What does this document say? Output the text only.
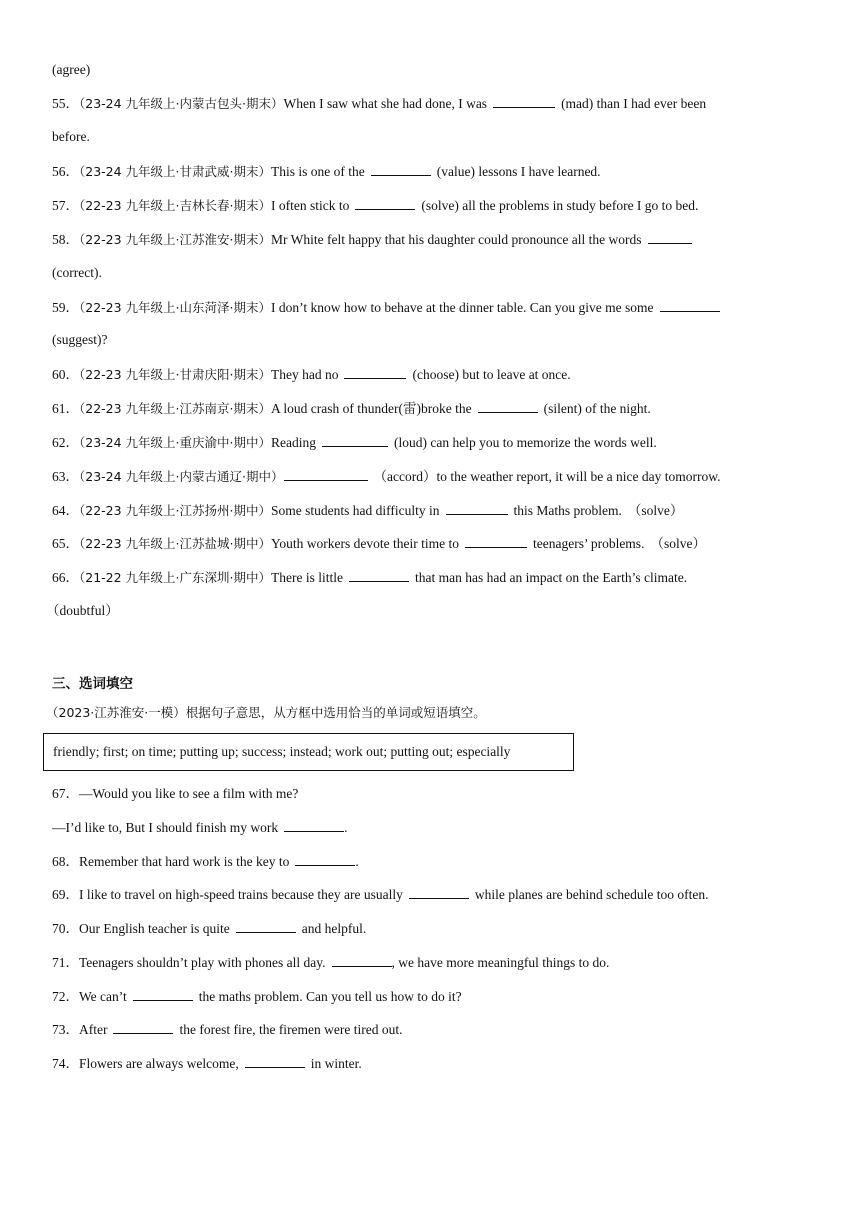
(agree)
55．（23-24 九年级上·内蒙古包头·期末）When I saw what she had done, I was	(mad) than I had ever been
before.
56．（23-24 九年级上·甘肃武威·期末）This is one of the	(value) lessons I have learned.
57．（22-23 九年级上·吉林长春·期末）I often stick to	(solve) all the problems in study before I go to bed.
58．（22-23 九年级上·江苏淮安·期末）Mr White felt happy that his daughter could pronounce all the words
(correct).
59．（22-23 九年级上·山东菏泽·期末）I don’t know how to behave at the dinner table. Can you give me some
(suggest)?
60．（22-23 九年级上·甘肃庆阳·期末）They had no	(choose) but to leave at once.
61．（22-23 九年级上·江苏南京·期末）A loud crash of thunder(雷)broke the	(silent) of the night.
62．（23-24 九年级上·重庆渝中·期中）Reading	(loud) can help you to memorize the words well.
63．（23-24 九年级上·内蒙古通辽·期中）	（accord）to the weather report, it will be a nice day tomorrow.
64．（22-23 九年级上·江苏扬州·期中）Some students had difficulty in	this Maths problem. （solve）
65．（22-23 九年级上·江苏盐城·期中）Youth workers devote their time to	teenagers’ problems. （solve）
66．（21-22 九年级上·广东深圳·期中）There is little	that man has had an impact on the Earth’s climate.
（doubtful）
三、选词填空
（2023·江苏淮安·一模）根据句子意思，从方框中选用恰当的单词或短语填空。
friendly; first; on time; putting up; success; instead; work out; putting out; especially
67．—Would you like to see a film with me?
—I’d like to, But I should finish my work	.
68．Remember that hard work is the key to	.
69．I like to travel on high-speed trains because they are usually	while planes are behind schedule too often.
70．Our English teacher is quite	and helpful.
71．Teenagers shouldn’t play with phones all day.	, we have more meaningful things to do.
72．We can’t	the maths problem. Can you tell us how to do it?
73．After	the forest fire, the firemen were tired out.
74．Flowers are always welcome,	in winter.
